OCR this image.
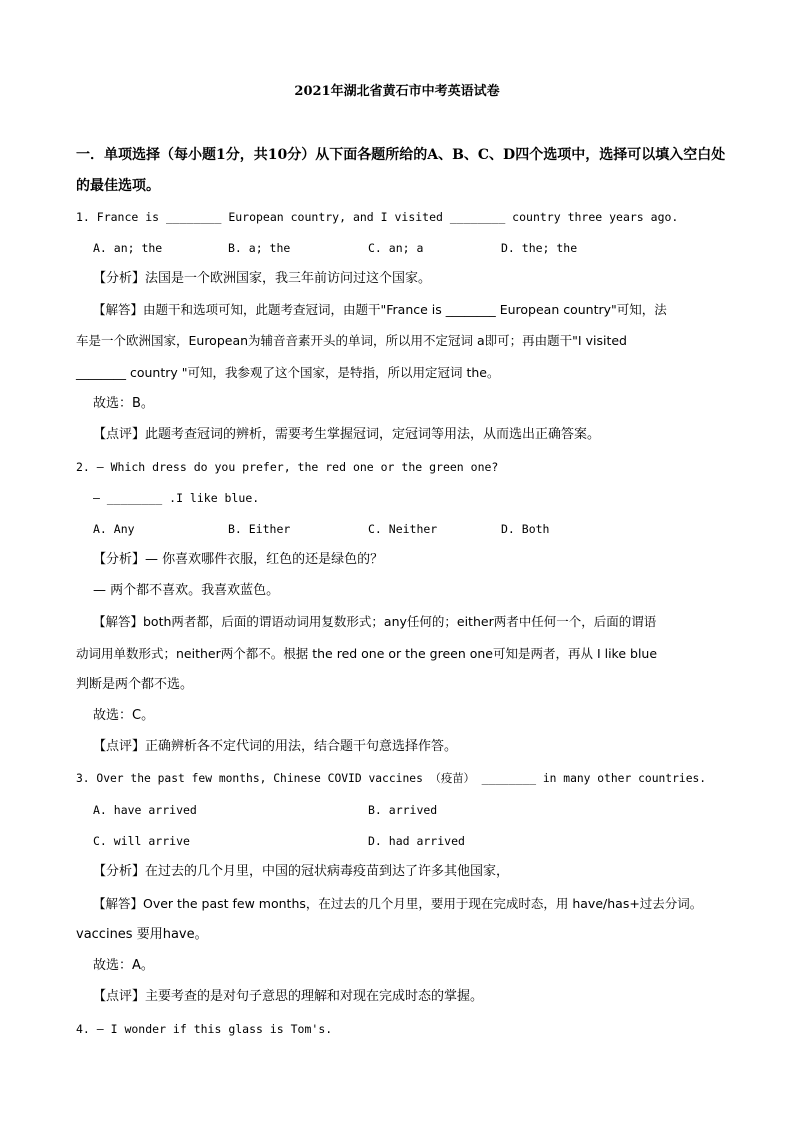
2021年湖北省黄石市中考英语试卷
一．单项选择（每小题1分，共10分）从下面各题所给的A、B、C、D四个选项中，选择可以填入空白处
的最佳选项。
1. France is ________ European country, and I visited ________ country three years ago.
A. an; the	B. a; the	C. an; a	D. the; the
【分析】法国是一个欧洲国家，我三年前访问过这个国家。
【解答】由题干和选项可知，此题考查冠词，由题干"France is ________ European country"可知，法
车是一个欧洲国家，European为辅音音素开头的单词，所以用不定冠词 a即可；再由题干"I visited
________ country "可知，我参观了这个国家，是特指，所以用定冠词 the。
故选：B。
【点评】此题考查冠词的辨析，需要考生掌握冠词，定冠词等用法，从而选出正确答案。
2. — Which dress do you prefer, the red one or the green one?
— ________ .I like blue.
A. Any	B. Either	C. Neither	D. Both
【分析】— 你喜欢哪件衣服，红色的还是绿色的？
— 两个都不喜欢。我喜欢蓝色。
【解答】both两者都，后面的谓语动词用复数形式；any任何的；either两者中任何一个，后面的谓语
动词用单数形式；neither两个都不。根据 the red one or the green one可知是两者，再从 I like blue
判断是两个都不选。
故选：C。
【点评】正确辨析各不定代词的用法，结合题干句意选择作答。
3. Over the past few months, Chinese COVID vaccines （疫苗） ________ in many other countries.
A. have arrived	B. arrived
C. will arrive	D. had arrived
【分析】在过去的几个月里，中国的冠状病毒疫苗到达了许多其他国家，
【解答】Over the past few months，在过去的几个月里，要用于现在完成时态，用 have/has+过去分词。
vaccines 要用have。
故选：A。
【点评】主要考查的是对句子意思的理解和对现在完成时态的掌握。
4. — I wonder if this glass is Tom's.
